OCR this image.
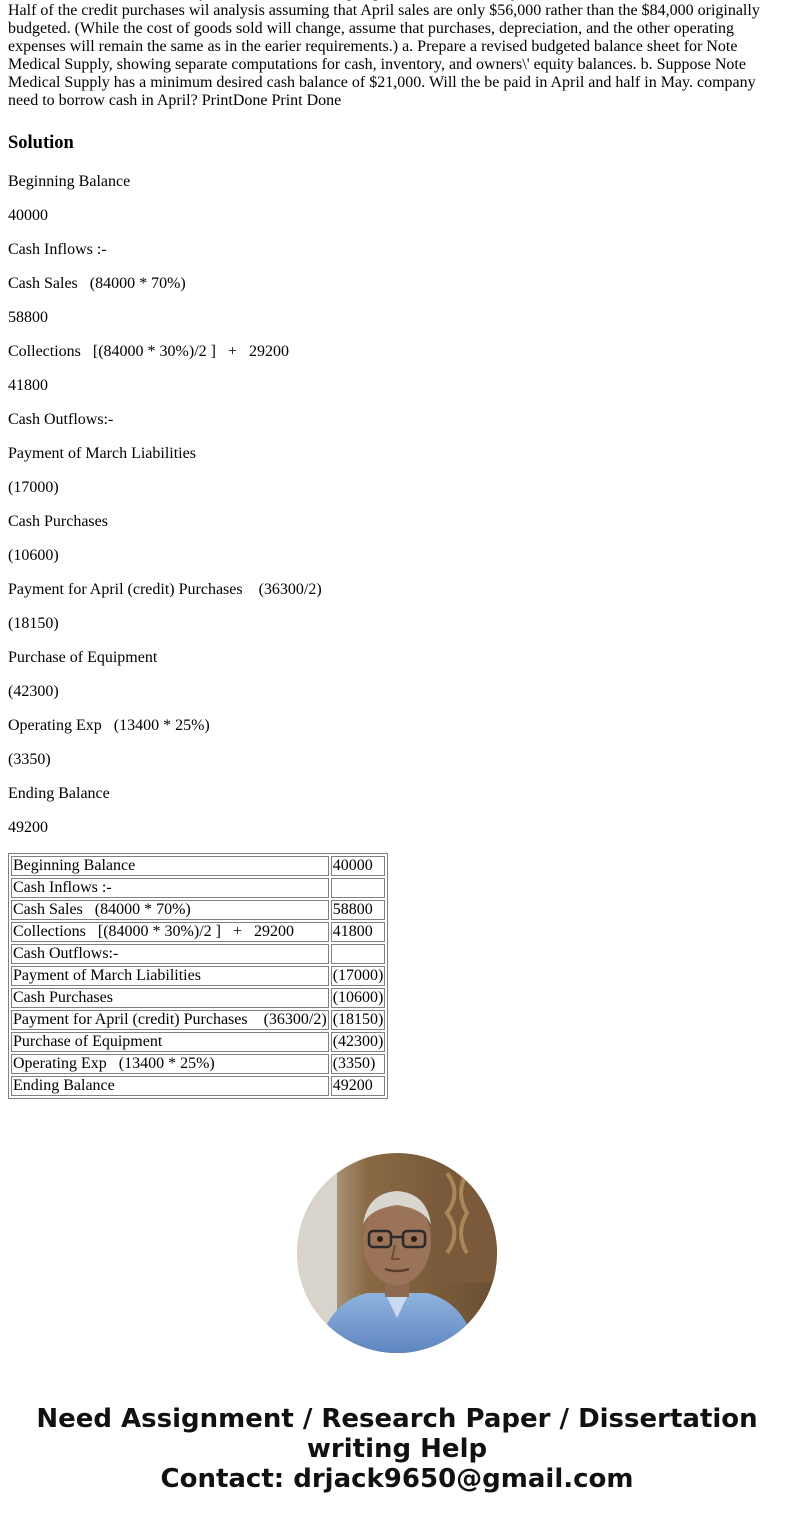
Half of the credit purchases wil analysis assuming that April sales are only $56,000 rather than the $84,000 originally budgeted. (While the cost of goods sold will change, assume that purchases, depreciation, and the other operating expenses will remain the same as in the earier requirements.) a. Prepare a revised budgeted balance sheet for Note Medical Supply, showing separate computations for cash, inventory, and owners\' equity balances. b. Suppose Note Medical Supply has a minimum desired cash balance of $21,000. Will the be paid in April and half in May. company need to borrow cash in April? PrintDone Print Done

Solution

Beginning Balance

40000

Cash Inflows :-

Cash Sales   (84000 * 70%)

58800

Collections   [(84000 * 30%)/2 ]   +   29200

41800

Cash Outflows:-

Payment of March Liabilities

(17000)

Cash Purchases

(10600)

Payment for April (credit) Purchases    (36300/2)

(18150)

Purchase of Equipment

(42300)

Operating Exp   (13400 * 25%)

(3350)

Ending Balance

49200

Beginning Balance	40000
Cash Inflows :-	
Cash Sales   (84000 * 70%)	58800
Collections   [(84000 * 30%)/2 ]   +   29200	41800
Cash Outflows:-	
Payment of March Liabilities	(17000)
Cash Purchases	(10600)
Payment for April (credit) Purchases    (36300/2)	(18150)
Purchase of Equipment	(42300)
Operating Exp   (13400 * 25%)	(3350)
Ending Balance	49200
Need Assignment / Research Paper / Dissertation
writing Help
Contact: drjack9650@gmail.com
